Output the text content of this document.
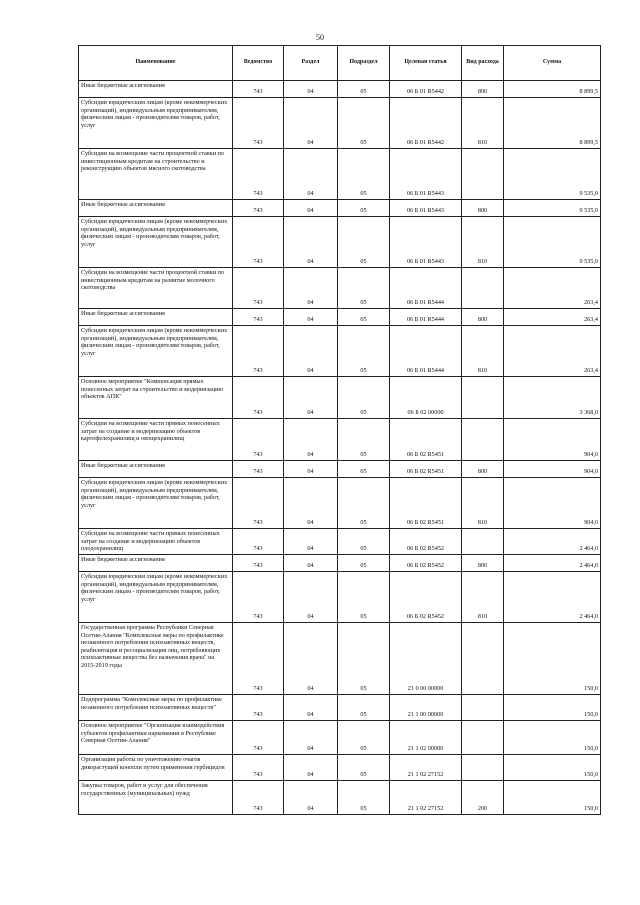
50
Наименование	Ведомство	Раздел	Подраздел	Целевая статья	Вид расхода	Сумма
Иные бюджетные ассигнования	743	04	05	06 Б 01 R5442	800	8 899,5
Субсидии юридическим лицам (кроме некоммерческих организаций), индивидуальным предпринимателям, физическим лицам - производителям товаров, работ, услуг	743	04	05	06 Б 01 R5442	810	8 899,5
Субсидии на возмещение части процентной ставки по инвестиционным кредитам на строительство и реконструкцию объектов мясного скотоводства	743	04	05	06 Б 01 R5443		9 535,0
Иные бюджетные ассигнования	743	04	05	06 Б 01 R5443	800	9 535,0
Субсидии юридическим лицам (кроме некоммерческих организаций), индивидуальным предпринимателям, физическим лицам - производителям товаров, работ, услуг	743	04	05	06 Б 01 R5443	810	9 535,0
Субсидии на возмещение части процентной ставки по инвестиционным кредитам на развитие молочного скотоводства	743	04	05	06 Б 01 R5444		263,4
Иные бюджетные ассигнования	743	04	05	06 Б 01 R5444	800	263,4
Субсидии юридическим лицам (кроме некоммерческих организаций), индивидуальным предпринимателям, физическим лицам - производителям товаров, работ, услуг	743	04	05	06 Б 01 R5444	810	263,4
Основное мероприятие "Компенсация прямых понесенных затрат на строительство и модернизацию объектов АПК"	743	04	05	06 Б 02 00000		3 368,0
Субсидии на возмещение части прямых понесенных затрат на создание и модернизацию объектов картофелехранилищ и овощехранилищ	743	04	05	06 Б 02 R5451		904,0
Иные бюджетные ассигнования	743	04	05	06 Б 02 R5451	800	904,0
Субсидии юридическим лицам (кроме некоммерческих организаций), индивидуальным предпринимателям, физическим лицам - производителям товаров, работ, услуг	743	04	05	06 Б 02 R5451	810	904,0
Субсидии на возмещение части прямых понесенных затрат на создание и модернизацию объектов плодохранилищ	743	04	05	06 Б 02 R5452		2 464,0
Иные бюджетные ассигнования	743	04	05	06 Б 02 R5452	800	2 464,0
Субсидии юридическим лицам (кроме некоммерческих организаций), индивидуальным предпринимателям, физическим лицам - производителям товаров, работ, услуг	743	04	05	06 Б 02 R5452	810	2 464,0
Государственная программа Республики Северная Осетия-Алания "Комплексные меры по профилактике незаконного потребления психоактивных веществ, реабилитация и ресоциализация лиц, потребляющих психоактивные вещества без назначения врача" на 2015-2019 годы	743	04	05	21 0 00 00000		150,0
Подпрограмма "Комплексные меры по профилактике незаконного потребления психоактивных веществ"	743	04	05	21 1 00 00000		150,0
Основное мероприятие "Организация взаимодействия субъектов профилактики наркомании в Республике Северная Осетия-Алания"	743	04	05	21 1 02 00000		150,0
Организация работы по уничтожению очагов дикорастущей конопли путем применения гербицидов	743	04	05	21 1 02 27152		150,0
Закупка товаров, работ и услуг для обеспечения государственных (муниципальных) нужд	743	04	05	21 1 02 27152	200	150,0
